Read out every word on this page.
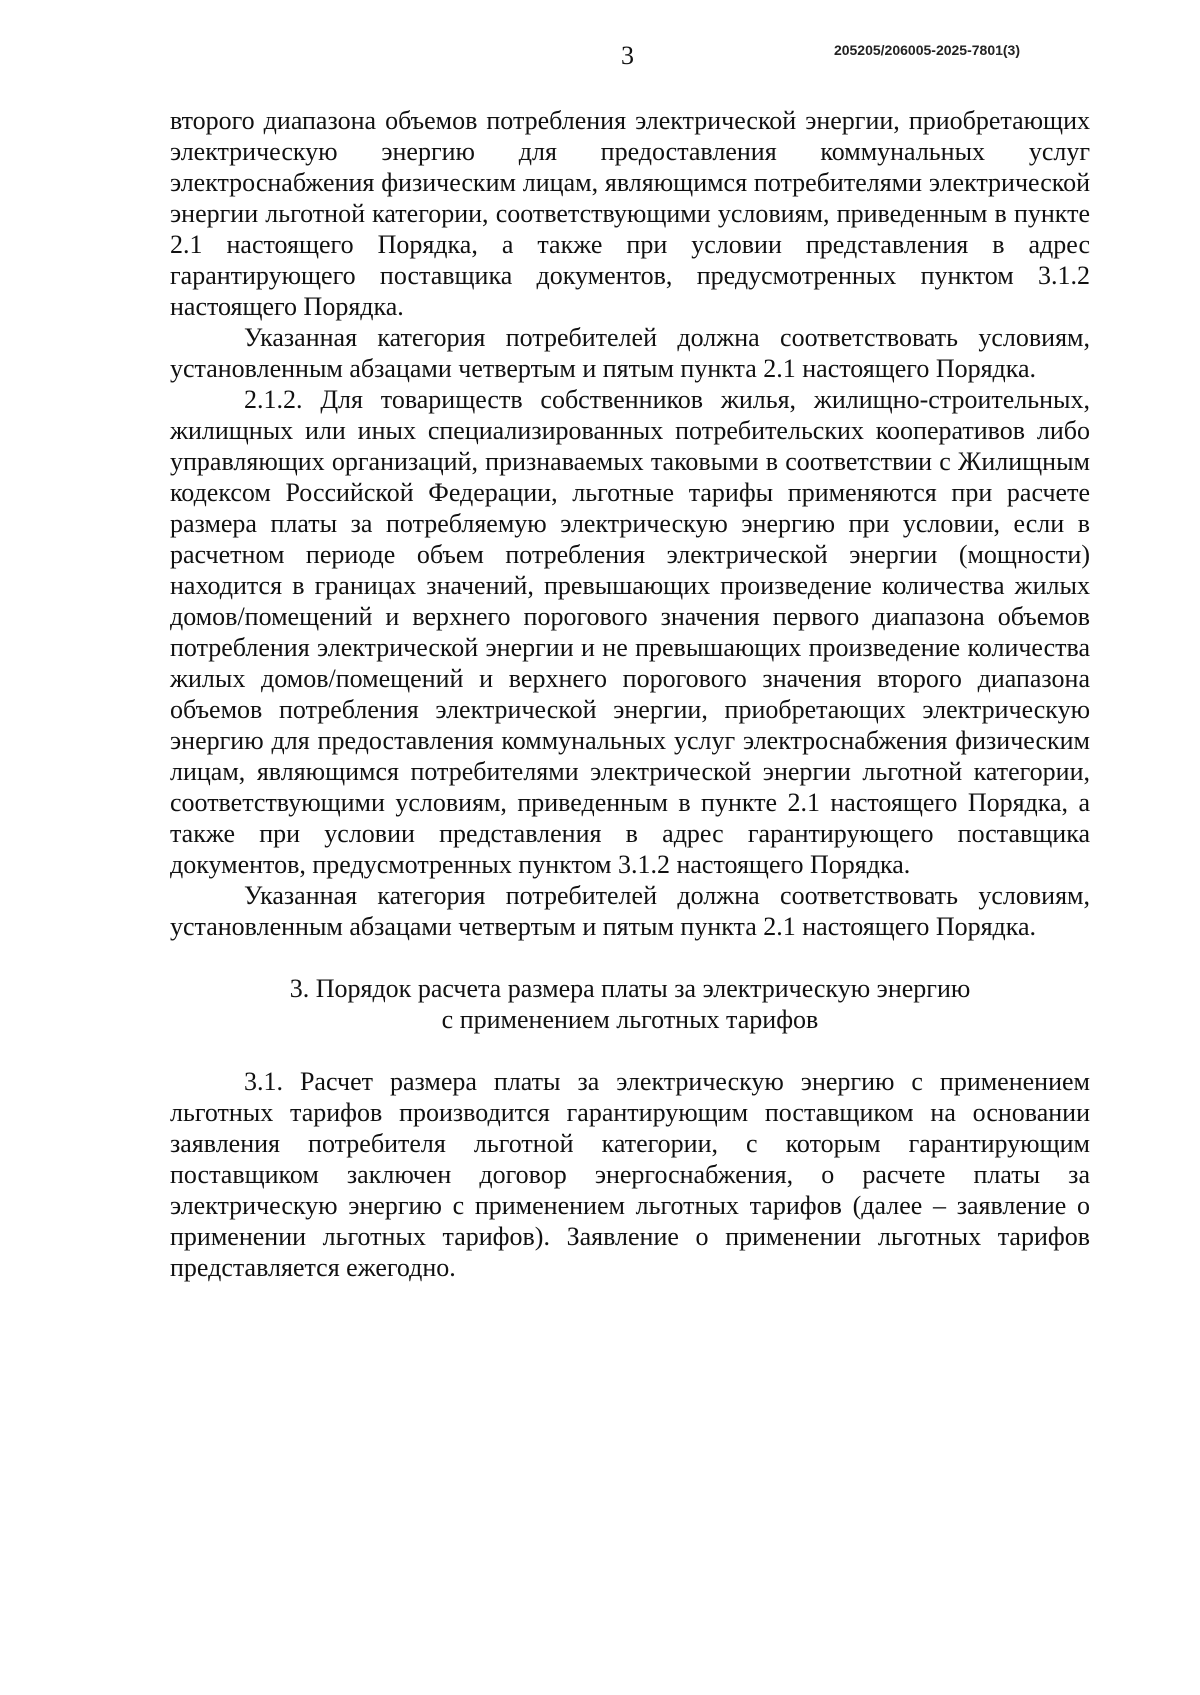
3	205205/206005-2025-7801(3)

второго диапазона объемов потребления электрической энергии, приобретающих электрическую энергию для предоставления коммунальных услуг электроснабжения физическим лицам, являющимся потребителями электрической энергии льготной категории, соответствующими условиям, приведенным в пункте 2.1 настоящего Порядка, а также при условии представления в адрес гарантирующего поставщика документов, предусмотренных пунктом 3.1.2 настоящего Порядка.

Указанная категория потребителей должна соответствовать условиям, установленным абзацами четвертым и пятым пункта 2.1 настоящего Порядка.

2.1.2. Для товариществ собственников жилья, жилищно-строительных, жилищных или иных специализированных потребительских кооперативов либо управляющих организаций, признаваемых таковыми в соответствии с Жилищным кодексом Российской Федерации, льготные тарифы применяются при расчете размера платы за потребляемую электрическую энергию при условии, если в расчетном периоде объем потребления электрической энергии (мощности) находится в границах значений, превышающих произведение количества жилых домов/помещений и верхнего порогового значения первого диапазона объемов потребления электрической энергии и не превышающих произведение количества жилых домов/помещений и верхнего порогового значения второго диапазона объемов потребления электрической энергии, приобретающих электрическую энергию для предоставления коммунальных услуг электроснабжения физическим лицам, являющимся потребителями электрической энергии льготной категории, соответствующими условиям, приведенным в пункте 2.1 настоящего Порядка, а также при условии представления в адрес гарантирующего поставщика документов, предусмотренных пунктом 3.1.2 настоящего Порядка.

Указанная категория потребителей должна соответствовать условиям, установленным абзацами четвертым и пятым пункта 2.1 настоящего Порядка.

3. Порядок расчета размера платы за электрическую энергию
с применением льготных тарифов

3.1. Расчет размера платы за электрическую энергию с применением льготных тарифов производится гарантирующим поставщиком на основании заявления потребителя льготной категории, с которым гарантирующим поставщиком заключен договор энергоснабжения, о расчете платы за электрическую энергию с применением льготных тарифов (далее – заявление о применении льготных тарифов). Заявление о применении льготных тарифов представляется ежегодно.
